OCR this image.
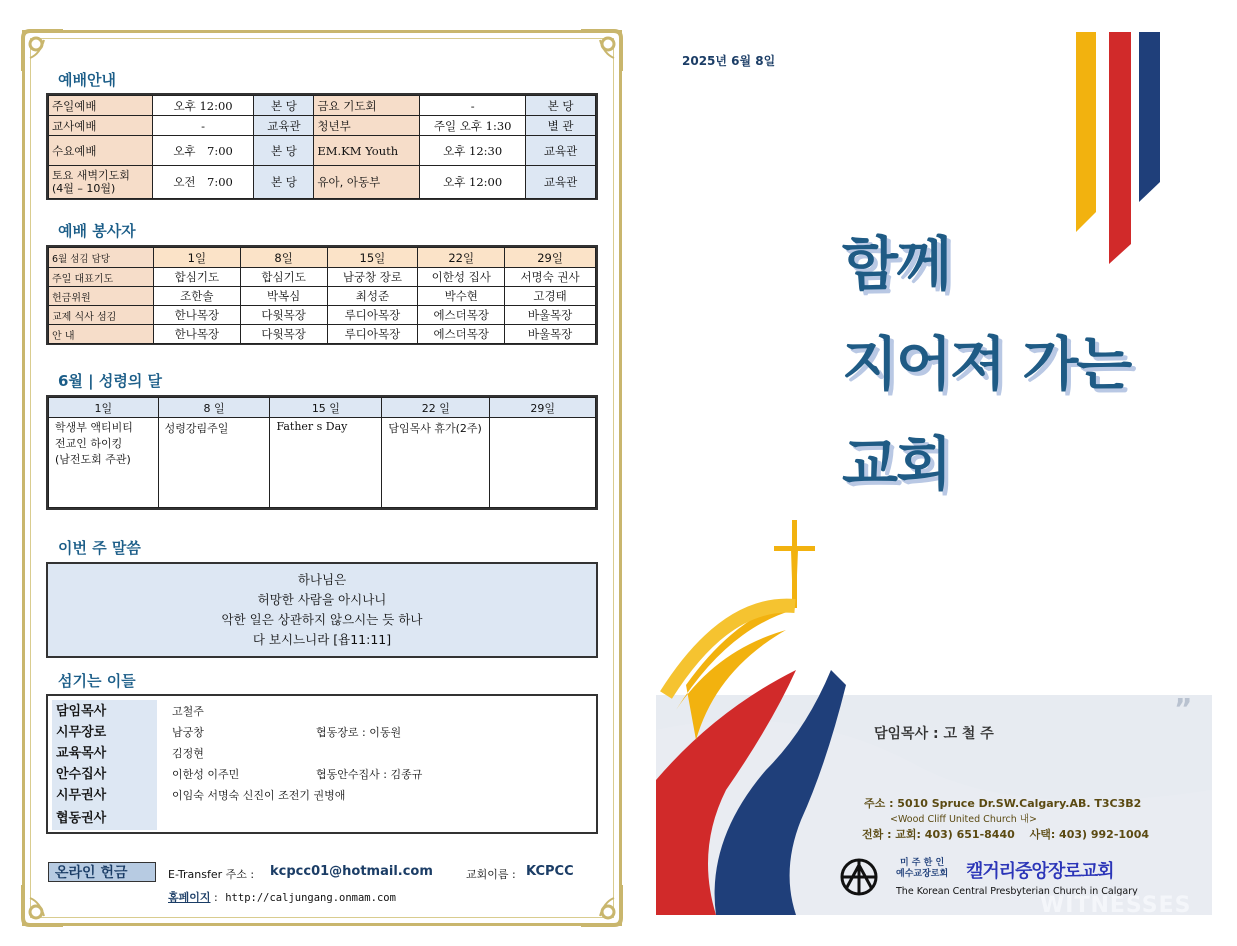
예배안내
주일예배	오후 12:00	본 당	금요 기도회	-	본 당
교사예배	-	교육관	청년부	주일 오후 1:30	별 관
수요예배	오후　7:00	본 당	EM.KM Youth	오후 12:30	교육관
토요 새벽기도회
(4월 – 10월)	오전　7:00	본 당	유아, 아동부	오후 12:00	교육관
예배 봉사자
6월 섬김 담당	1일	8일	15일	22일	29일
주일 대표기도	합심기도	합심기도	남궁창 장로	이한성 집사	서명숙 권사
헌금위원	조한솔	박복심	최성준	박수현	고경태
교제 식사 섬김	한나목장	다윗목장	루디아목장	에스더목장	바울목장
안 내	한나목장	다윗목장	루디아목장	에스더목장	바울목장
6월 | 성령의 달
1일	8 일	15 일	22 일	29일
학생부 액티비티
전교인 하이킹
(남전도회 주관)	성령강림주일	Father s Day	담임목사 휴가(2주)	
이번 주 말씀
하나님은
허망한 사람을 아시나니
악한 일은 상관하지 않으시는 듯 하나
다 보시느니라 [욥11:11]
섬기는 이들
담임목사	고철주
시무장로	남궁창	협동장로 : 이동원
교육목사	김정현
안수집사	이한성 이주민	협동안수집사 : 김종규
시무권사	이임숙 서명숙 신진이 조전기 권병애
협동권사
온라인 헌금	E-Transfer 주소 : kcpcc01@hotmail.com	교회이름 : KCPCC
홈페이지 : http://caljungang.onmam.com
2025년 6월 8일
함께
지어져 가는
교회
담임목사 : 고 철 주
”
주소 : 5010 Spruce Dr.SW.Calgary.AB. T3C3B2
<Wood Cliff United Church 내>
전화 : 교회: 403) 651-8440　 사택: 403) 992-1004
미 주 한 인
예수교장로회 캘거리중앙장로교회
The Korean Central Presbyterian Church in Calgary
WITNESSES
